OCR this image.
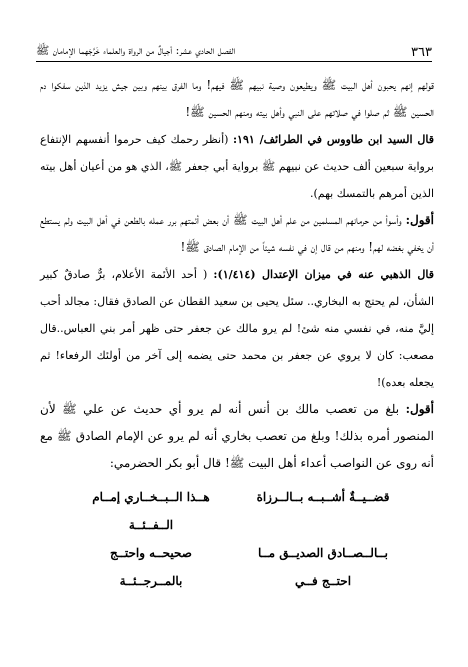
٣٦٣
الفصل الحادي عشر: أجيالٌ من الرواة والعلماء خَرَّجَهما الإمامان ﷺ

قولهم إنهم يحبون أهل البيت ﷺ ويطيعون وصية نبيهم ﷺ فيهم! وما الفرق بينهم وبين جيش يزيد الذين سفكوا دم الحسين ﷺ ثم صلوا في صلاتهم على النبي وأهل بيته ومنهم الحسين ﷺ!

قال السيد ابن طاووس في الطرائف/ ١٩١: (أنظر رحمك كيف حرموا أنفسهم الإنتفاع برواية سبعين ألف حديث عن نبيهم ﷺ برواية أبي جعفر ﷺ، الذي هو من أعيان أهل بيته الذين أمرهم بالتمسك بهم).

أقول: وأسوأ من حرمانهم المسلمين من علم أهل البيت ﷺ أن بعض أئمتهم برر عمله بالطعن في أهل البيت ولم يستطع أن يخفي بغضه لهم! ومنهم من قال إن في نفسه شيئاً من الإمام الصادق ﷺ!

قال الذهبي عنه في ميزان الإعتدال (١/٤١٤): ( أحد الأئمة الأعلام، برٌّ صادقٌ كبير الشأن، لم يحتج به البخاري.. سئل يحيى بن سعيد القطان عن الصادق فقال: مجالد أحب إليَّ منه، في نفسي منه شئ! لم يرو مالك عن جعفر حتى ظهر أمر بني العباس..قال مصعب: كان لا يروي عن جعفر بن محمد حتى يضمه إلى آخر من أولئك الرفعاء! ثم يجعله بعده)!

أقول: بلغ من تعصب مالك بن أنس أنه لم يرو أي حديث عن علي ﷺ لأن المنصور أمره بذلك! وبلغ من تعصب بخاري أنه لم يرو عن الإمام الصادق ﷺ مع أنه روى عن النواصب أعداء أهل البيت ﷺ! قال أبو بكر الحضرمي:

قضــيــةٌ أشــبــه بــالــرزاة
هــذا الــبــخــاري إمــام الــفــئــة
بــالــصــادق الصديــق مــا احتــج فــي
صحيحــه واحتــج بالمــرجــئــة
